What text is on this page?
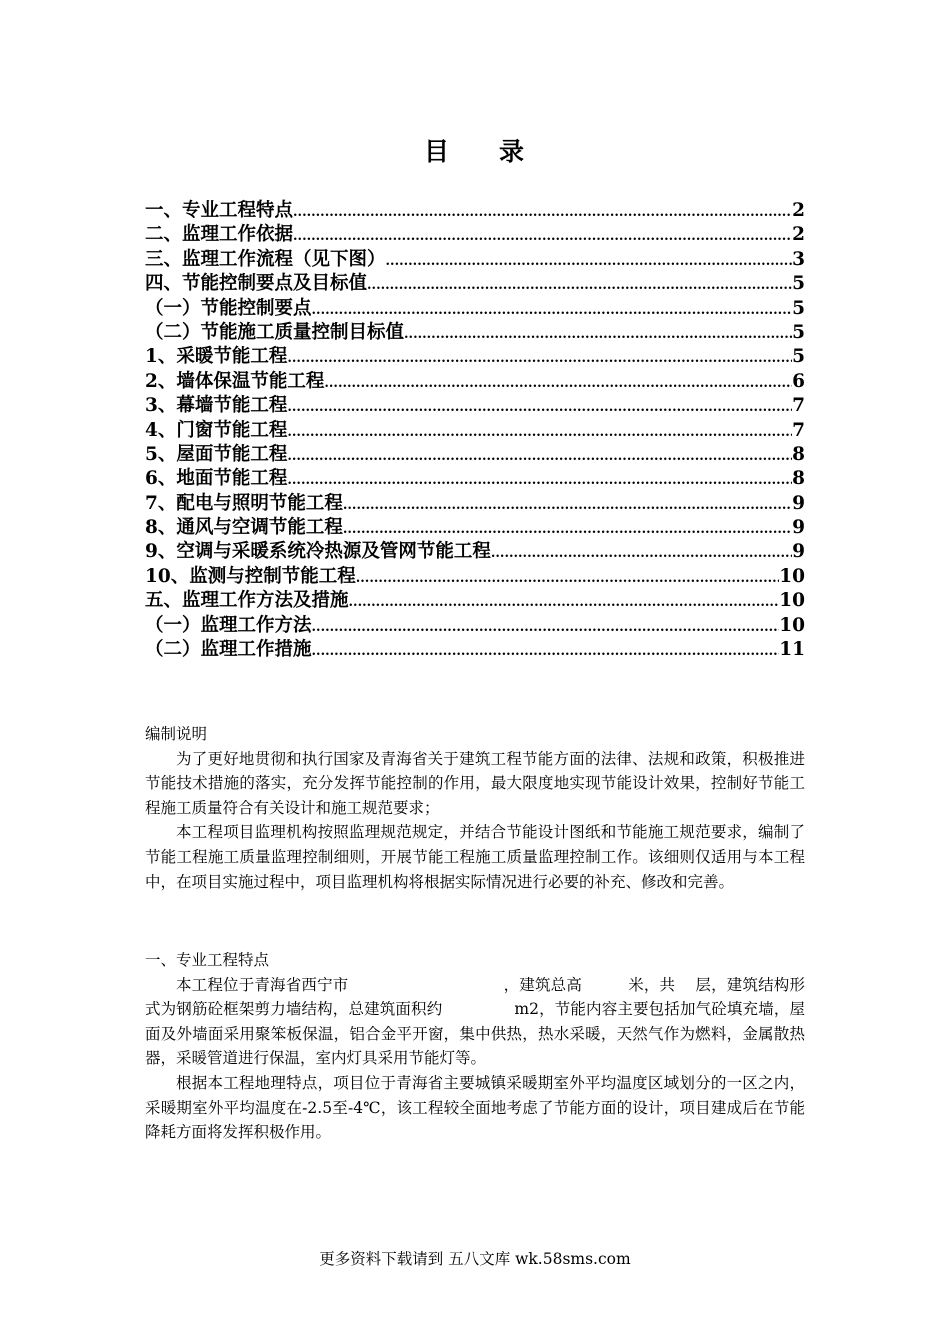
目 录
一、专业工程特点 .....	2
二、监理工作依据 .....	2
三、监理工作流程（见下图） .....	3
四、节能控制要点及目标值 .....	5
（一）节能控制要点 .....	5
（二）节能施工质量控制目标值 .....	5
1、采暖节能工程 .....	5
2、墙体保温节能工程 .....	6
3、幕墙节能工程 .....	7
4、门窗节能工程 .....	7
5、屋面节能工程 .....	8
6、地面节能工程 .....	8
7、配电与照明节能工程 .....	9
8、通风与空调节能工程 .....	9
9、空调与采暖系统冷热源及管网节能工程 .....	9
10、监测与控制节能工程 .....	10
五、监理工作方法及措施 .....	10
（一）监理工作方法 .....	10
（二）监理工作措施 .....	11
编制说明

为了更好地贯彻和执行国家及青海省关于建筑工程节能方面的法律、法规和政策，积极推进节能技术措施的落实，充分发挥节能控制的作用，最大限度地实现节能设计效果，控制好节能工程施工质量符合有关设计和施工规范要求；

本工程项目监理机构按照监理规范规定，并结合节能设计图纸和节能施工规范要求，编制了节能工程施工质量监理控制细则，开展节能工程施工质量监理控制工作。该细则仅适用与本工程中，在项目实施过程中，项目监理机构将根据实际情况进行必要的补充、修改和完善。

一、专业工程特点

本工程位于青海省西宁市	，建筑总高	米，共 层，建筑结构形式为钢筋砼框架剪力墙结构，总建筑面积约	m2，节能内容主要包括加气砼填充墙，屋面及外墙面采用聚笨板保温，铝合金平开窗，集中供热，热水采暖，天然气作为燃料，金属散热器，采暖管道进行保温，室内灯具采用节能灯等。

根据本工程地理特点，项目位于青海省主要城镇采暖期室外平均温度区域划分的一区之内，采暖期室外平均温度在-2.5至-4℃，该工程较全面地考虑了节能方面的设计，项目建成后在节能降耗方面将发挥积极作用。

更多资料下载请到 五八文库 wk.58sms.com
